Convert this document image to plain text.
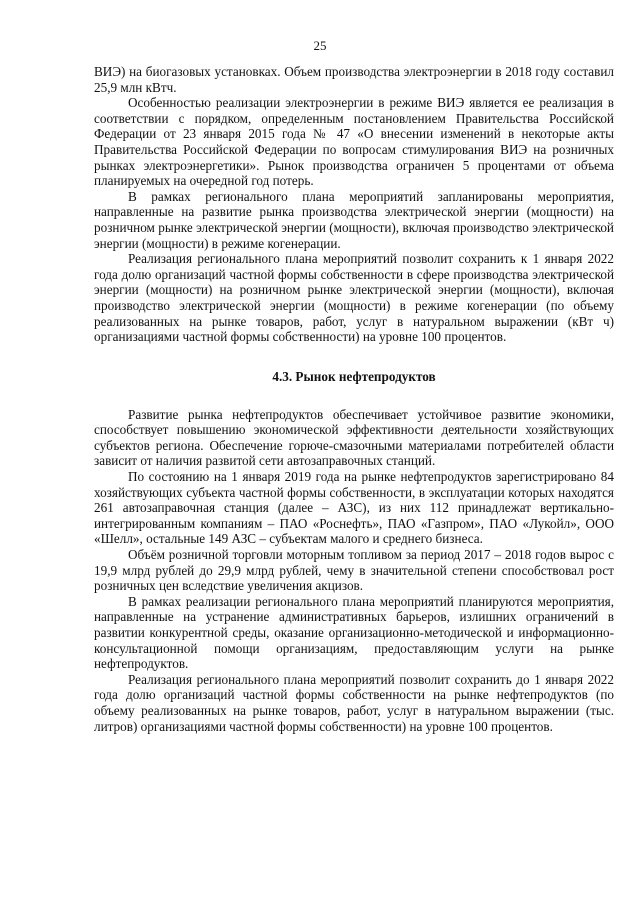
25

ВИЭ) на биогазовых установках. Объем производства электроэнергии в 2018 году составил 25,9 млн кВтч.

Особенностью реализации электроэнергии в режиме ВИЭ является ее реализация в соответствии с порядком, определенным постановлением Правительства Российской Федерации от 23 января 2015 года № 47 «О внесении изменений в некоторые акты Правительства Российской Федерации по вопросам стимулирования ВИЭ на розничных рынках электроэнергетики». Рынок производства ограничен 5 процентами от объема планируемых на очередной год потерь.

В рамках регионального плана мероприятий запланированы мероприятия, направленные на развитие рынка производства электрической энергии (мощности) на розничном рынке электрической энергии (мощности), включая производство электрической энергии (мощности) в режиме когенерации.

Реализация регионального плана мероприятий позволит сохранить к 1 января 2022 года долю организаций частной формы собственности в сфере производства электрической энергии (мощности) на розничном рынке электрической энергии (мощности), включая производство электрической энергии (мощности) в режиме когенерации (по объему реализованных на рынке товаров, работ, услуг в натуральном выражении (кВт ч) организациями частной формы собственности) на уровне 100 процентов.

4.3. Рынок нефтепродуктов

Развитие рынка нефтепродуктов обеспечивает устойчивое развитие экономики, способствует повышению экономической эффективности деятельности хозяйствующих субъектов региона. Обеспечение горюче-смазочными материалами потребителей области зависит от наличия развитой сети автозаправочных станций.

По состоянию на 1 января 2019 года на рынке нефтепродуктов зарегистрировано 84 хозяйствующих субъекта частной формы собственности, в эксплуатации которых находятся 261 автозаправочная станция (далее – АЗС), из них 112 принадлежат вертикально-интегрированным компаниям – ПАО «Роснефть», ПАО «Газпром», ПАО «Лукойл», ООО «Шелл», остальные 149 АЗС – субъектам малого и среднего бизнеса.

Объём розничной торговли моторным топливом за период 2017 – 2018 годов вырос с 19,9 млрд рублей до 29,9 млрд рублей, чему в значительной степени способствовал рост розничных цен вследствие увеличения акцизов.

В рамках реализации регионального плана мероприятий планируются мероприятия, направленные на устранение административных барьеров, излишних ограничений в развитии конкурентной среды, оказание организационно-методической и информационно-консультационной помощи организациям, предоставляющим услуги на рынке нефтепродуктов.

Реализация регионального плана мероприятий позволит сохранить до 1 января 2022 года долю организаций частной формы собственности на рынке нефтепродуктов (по объему реализованных на рынке товаров, работ, услуг в натуральном выражении (тыс. литров) организациями частной формы собственности) на уровне 100 процентов.
